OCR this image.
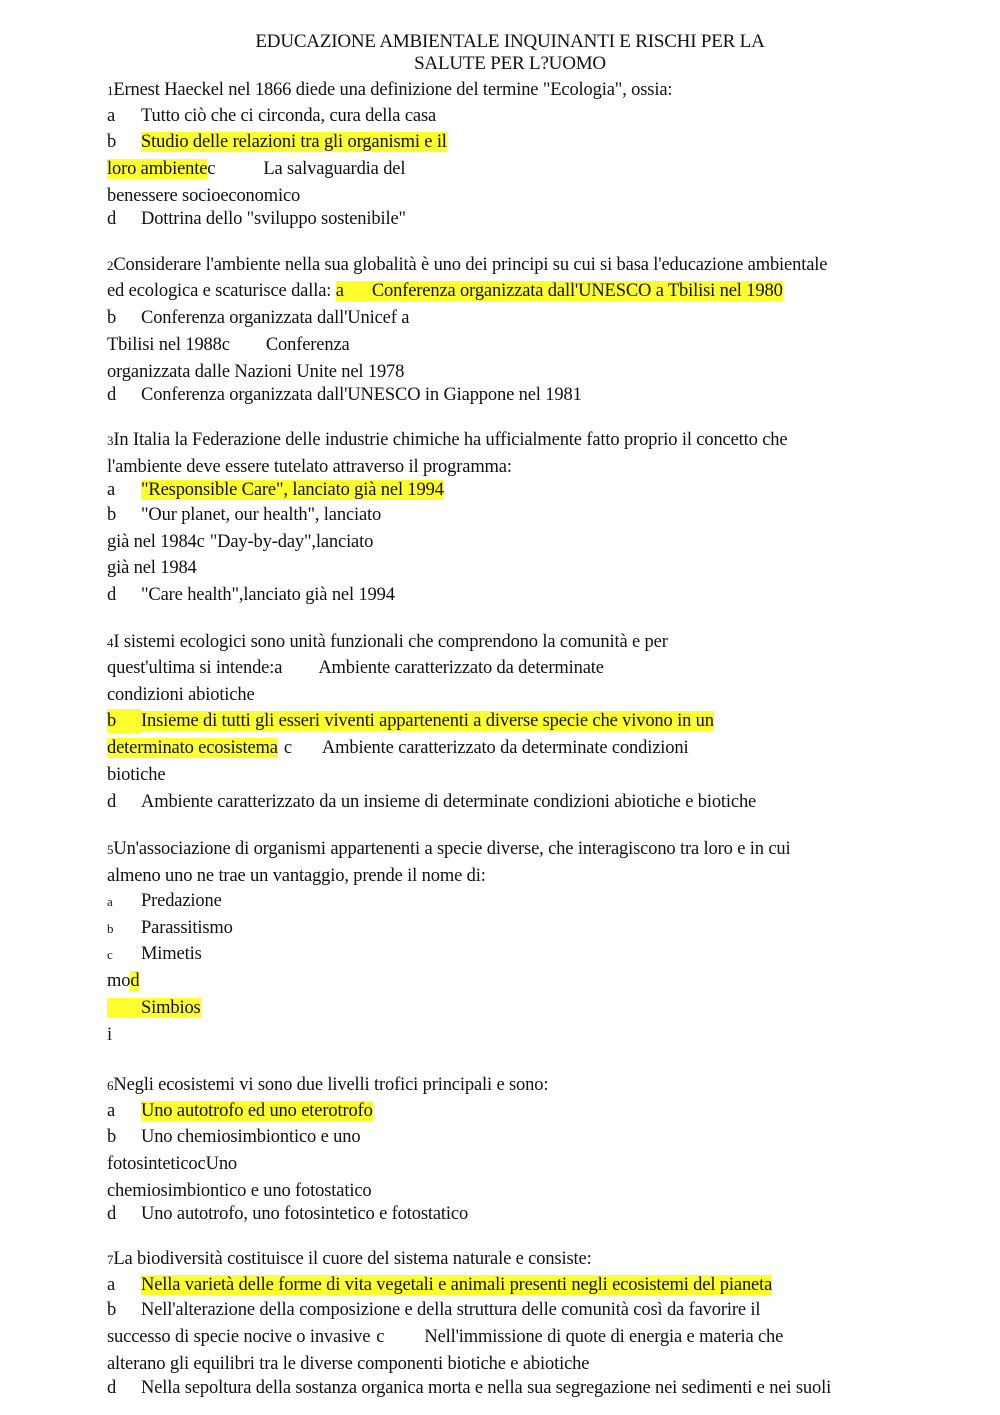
EDUCAZIONE AMBIENTALE INQUINANTI E RISCHI PER LA
SALUTE PER L?UOMO
1Ernest Haeckel nel 1866 diede una definizione del termine "Ecologia", ossia:
a Tutto ciò che ci circonda, cura della casa
b Studio delle relazioni tra gli organismi e il
loro ambientec	La salvaguardia del
benessere socioeconomico
d Dottrina dello "sviluppo sostenibile"
2Considerare l'ambiente nella sua globalità è uno dei principi su cui si basa l'educazione ambientale
ed ecologica e scaturisce dalla: a Conferenza organizzata dall'UNESCO a Tbilisi nel 1980
b Conferenza organizzata dall'Unicef a
Tbilisi nel 1988c Conferenza
organizzata dalle Nazioni Unite nel 1978
d Conferenza organizzata dall'UNESCO in Giappone nel 1981
3In Italia la Federazione delle industrie chimiche ha ufficialmente fatto proprio il concetto che
l'ambiente deve essere tutelato attraverso il programma:
a "Responsible Care", lanciato già nel 1994
b "Our planet, our health", lanciato
già nel 1984c "Day-by-day",lanciato
già nel 1984
d "Care health",lanciato già nel 1994
4I sistemi ecologici sono unità funzionali che comprendono la comunità e per
quest'ultima si intende:a Ambiente caratterizzato da determinate
condizioni abiotiche
b Insieme di tutti gli esseri viventi appartenenti a diverse specie che vivono in un
determinato ecosistema c Ambiente caratterizzato da determinate condizioni
biotiche
d Ambiente caratterizzato da un insieme di determinate condizioni abiotiche e biotiche
5Un'associazione di organismi appartenenti a specie diverse, che interagiscono tra loro e in cui
almeno uno ne trae un vantaggio, prende il nome di:
a Predazione
b Parassitismo
c Mimetis
mod
Simbios
i
6Negli ecosistemi vi sono due livelli trofici principali e sono:
a Uno autotrofo ed uno eterotrofo
b Uno chemiosimbiontico e uno
fotosinteticocUno
chemiosimbiontico e uno fotostatico
d Uno autotrofo, uno fotosintetico e fotostatico
7La biodiversità costituisce il cuore del sistema naturale e consiste:
a Nella varietà delle forme di vita vegetali e animali presenti negli ecosistemi del pianeta
b Nell'alterazione della composizione e della struttura delle comunità così da favorire il
successo di specie nocive o invasive c Nell'immissione di quote di energia e materia che
alterano gli equilibri tra le diverse componenti biotiche e abiotiche
d Nella sepoltura della sostanza organica morta e nella sua segregazione nei sedimenti e nei suoli
